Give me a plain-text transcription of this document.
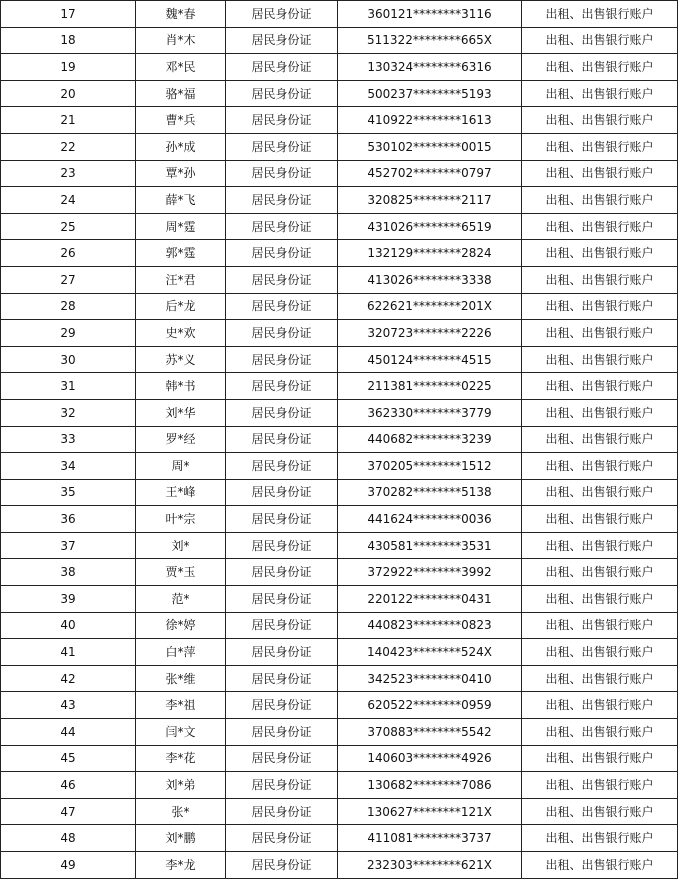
17	魏*春	居民身份证	360121********3116	出租、出售银行账户
18	肖*木	居民身份证	511322********665X	出租、出售银行账户
19	邓*民	居民身份证	130324********6316	出租、出售银行账户
20	骆*福	居民身份证	500237********5193	出租、出售银行账户
21	曹*兵	居民身份证	410922********1613	出租、出售银行账户
22	孙*成	居民身份证	530102********0015	出租、出售银行账户
23	覃*孙	居民身份证	452702********0797	出租、出售银行账户
24	薛*飞	居民身份证	320825********2117	出租、出售银行账户
25	周*霆	居民身份证	431026********6519	出租、出售银行账户
26	郭*霆	居民身份证	132129********2824	出租、出售银行账户
27	汪*君	居民身份证	413026********3338	出租、出售银行账户
28	后*龙	居民身份证	622621********201X	出租、出售银行账户
29	史*欢	居民身份证	320723********2226	出租、出售银行账户
30	苏*义	居民身份证	450124********4515	出租、出售银行账户
31	韩*书	居民身份证	211381********0225	出租、出售银行账户
32	刘*华	居民身份证	362330********3779	出租、出售银行账户
33	罗*经	居民身份证	440682********3239	出租、出售银行账户
34	周*	居民身份证	370205********1512	出租、出售银行账户
35	王*峰	居民身份证	370282********5138	出租、出售银行账户
36	叶*宗	居民身份证	441624********0036	出租、出售银行账户
37	刘*	居民身份证	430581********3531	出租、出售银行账户
38	贾*玉	居民身份证	372922********3992	出租、出售银行账户
39	范*	居民身份证	220122********0431	出租、出售银行账户
40	徐*婷	居民身份证	440823********0823	出租、出售银行账户
41	白*萍	居民身份证	140423********524X	出租、出售银行账户
42	张*维	居民身份证	342523********0410	出租、出售银行账户
43	李*祖	居民身份证	620522********0959	出租、出售银行账户
44	闫*文	居民身份证	370883********5542	出租、出售银行账户
45	李*花	居民身份证	140603********4926	出租、出售银行账户
46	刘*弟	居民身份证	130682********7086	出租、出售银行账户
47	张*	居民身份证	130627********121X	出租、出售银行账户
48	刘*鹏	居民身份证	411081********3737	出租、出售银行账户
49	李*龙	居民身份证	232303********621X	出租、出售银行账户
